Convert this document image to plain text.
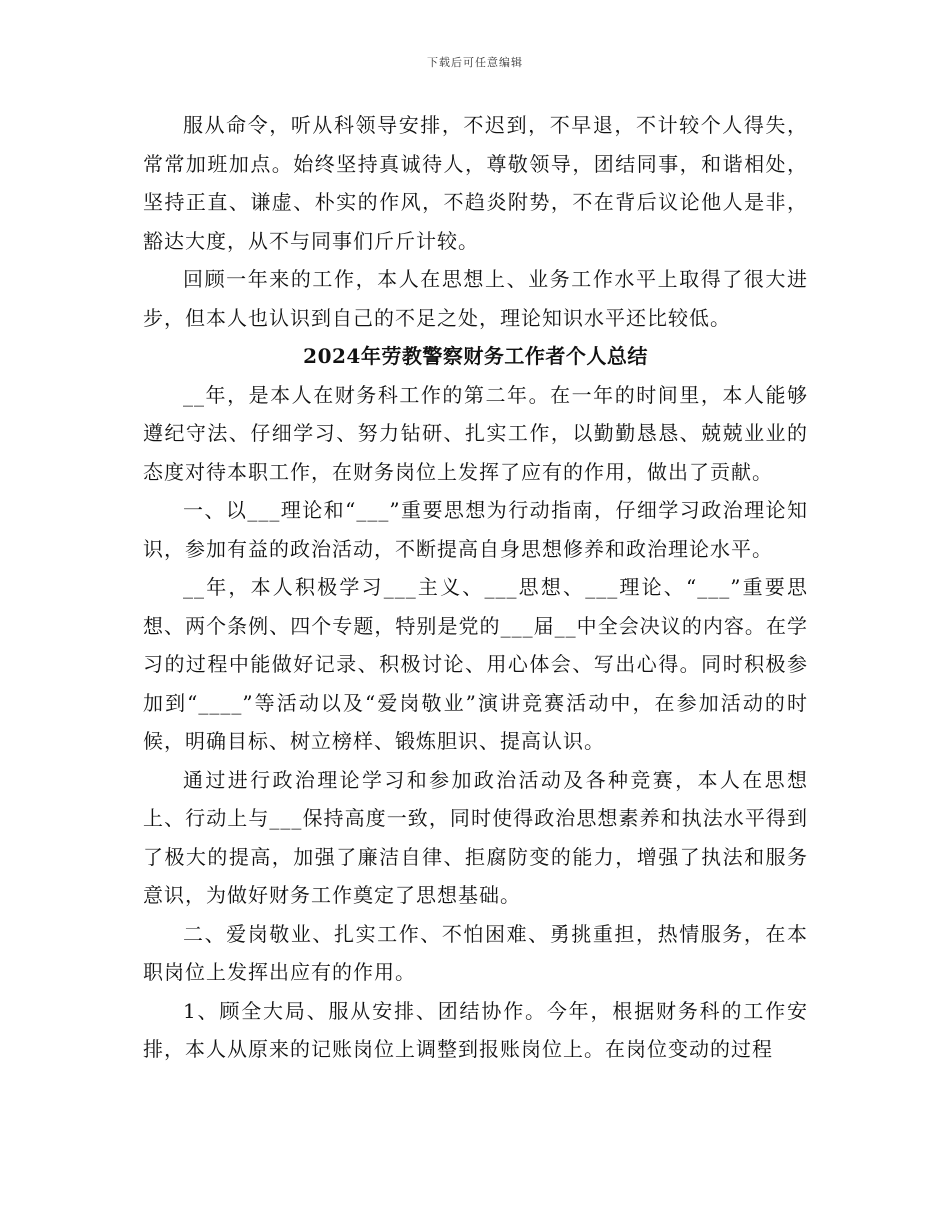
下载后可任意编辑

服从命令，听从科领导安排，不迟到，不早退，不计较个人得失，常常加班加点。始终坚持真诚待人，尊敬领导，团结同事，和谐相处，坚持正直、谦虚、朴实的作风，不趋炎附势，不在背后议论他人是非，豁达大度，从不与同事们斤斤计较。

回顾一年来的工作，本人在思想上、业务工作水平上取得了很大进步，但本人也认识到自己的不足之处，理论知识水平还比较低。

2024年劳教警察财务工作者个人总结

__年，是本人在财务科工作的第二年。在一年的时间里，本人能够遵纪守法、仔细学习、努力钻研、扎实工作，以勤勤恳恳、兢兢业业的态度对待本职工作，在财务岗位上发挥了应有的作用，做出了贡献。

一、以___理论和“___”重要思想为行动指南，仔细学习政治理论知识，参加有益的政治活动，不断提高自身思想修养和政治理论水平。

__年，本人积极学习___主义、___思想、___理论、“___”重要思想、两个条例、四个专题，特别是党的___届__中全会决议的内容。在学习的过程中能做好记录、积极讨论、用心体会、写出心得。同时积极参加到“____”等活动以及“爱岗敬业”演讲竞赛活动中，在参加活动的时候，明确目标、树立榜样、锻炼胆识、提高认识。

通过进行政治理论学习和参加政治活动及各种竞赛，本人在思想上、行动上与___保持高度一致，同时使得政治思想素养和执法水平得到了极大的提高，加强了廉洁自律、拒腐防变的能力，增强了执法和服务意识，为做好财务工作奠定了思想基础。

二、爱岗敬业、扎实工作、不怕困难、勇挑重担，热情服务，在本职岗位上发挥出应有的作用。

1、顾全大局、服从安排、团结协作。今年，根据财务科的工作安排，本人从原来的记账岗位上调整到报账岗位上。在岗位变动的过程
